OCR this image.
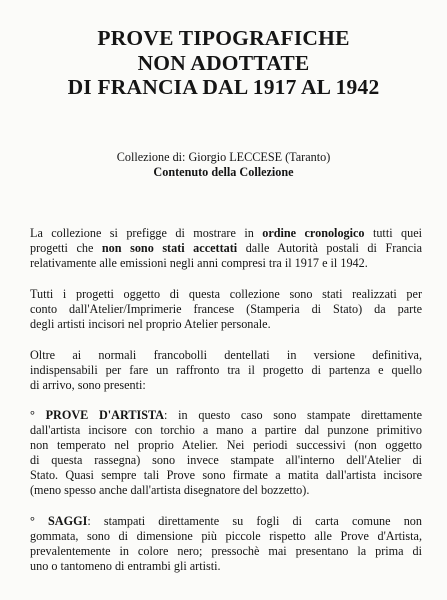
PROVE TIPOGRAFICHE
NON ADOTTATE
DI FRANCIA DAL 1917 AL 1942
Collezione di: Giorgio LECCESE (Taranto)
Contenuto della Collezione
La collezione si prefigge di mostrare in ordine cronologico tutti quei
progetti che non sono stati accettati dalle Autorità postali di Francia
relativamente alle emissioni negli anni compresi tra il 1917 e il 1942.
Tutti i progetti oggetto di questa collezione sono stati realizzati per
conto dall'Atelier/Imprimerie francese (Stamperia di Stato) da parte
degli artisti incisori nel proprio Atelier personale.
Oltre ai normali francobolli dentellati in versione definitiva,
indispensabili per fare un raffronto tra il progetto di partenza e quello
di arrivo, sono presenti:
° PROVE D'ARTISTA: in questo caso sono stampate direttamente
dall'artista incisore con torchio a mano a partire dal punzone primitivo
non temperato nel proprio Atelier. Nei periodi successivi (non oggetto
di questa rassegna) sono invece stampate all'interno dell'Atelier di
Stato. Quasi sempre tali Prove sono firmate a matita dall'artista incisore
(meno spesso anche dall'artista disegnatore del bozzetto).
° SAGGI: stampati direttamente su fogli di carta comune non
gommata, sono di dimensione più piccole rispetto alle Prove d'Artista,
prevalentemente in colore nero; pressochè mai presentano la prima di
uno o tantomeno di entrambi gli artisti.
